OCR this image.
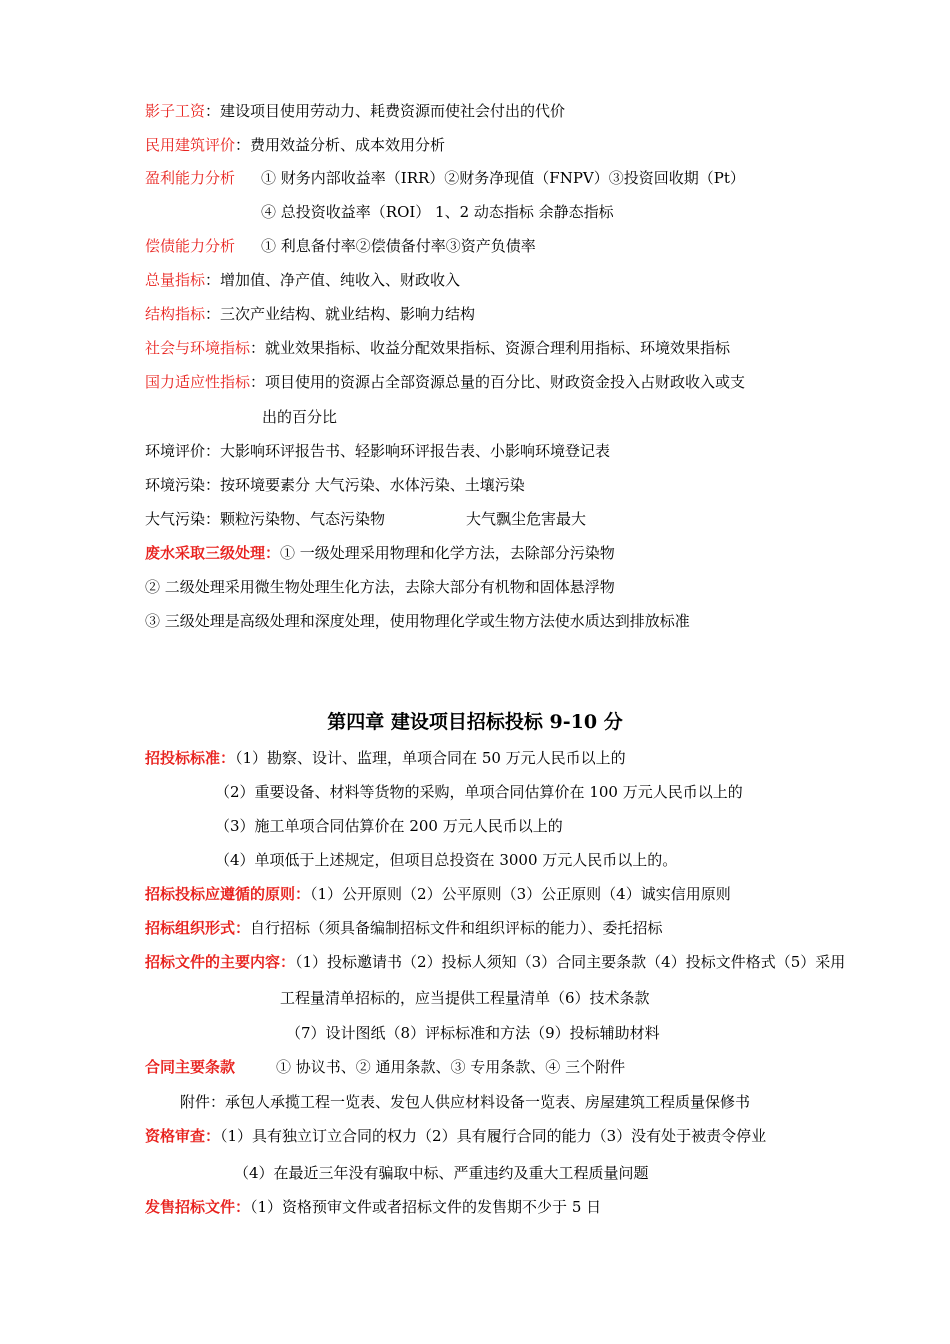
影子工资：建设项目使用劳动力、耗费资源而使社会付出的代价
民用建筑评价：费用效益分析、成本效用分析
盈利能力分析 ① 财务内部收益率（IRR）②财务净现值（FNPV）③投资回收期（Pt）
④ 总投资收益率（ROI） 1、2 动态指标 余静态指标
偿债能力分析 ① 利息备付率②偿债备付率③资产负债率
总量指标：增加值、净产值、纯收入、财政收入
结构指标：三次产业结构、就业结构、影响力结构
社会与环境指标：就业效果指标、收益分配效果指标、资源合理利用指标、环境效果指标
国力适应性指标：项目使用的资源占全部资源总量的百分比、财政资金投入占财政收入或支
出的百分比
环境评价：大影响环评报告书、轻影响环评报告表、小影响环境登记表
环境污染：按环境要素分 大气污染、水体污染、土壤污染
大气污染：颗粒污染物、气态污染物	大气飘尘危害最大
废水采取三级处理：① 一级处理采用物理和化学方法，去除部分污染物
② 二级处理采用微生物处理生化方法，去除大部分有机物和固体悬浮物
③ 三级处理是高级处理和深度处理，使用物理化学或生物方法使水质达到排放标准
第四章 建设项目招标投标 9-10 分
招投标标准：（1）勘察、设计、监理，单项合同在 50 万元人民币以上的
（2）重要设备、材料等货物的采购，单项合同估算价在 100 万元人民币以上的
（3）施工单项合同估算价在 200 万元人民币以上的
（4）单项低于上述规定，但项目总投资在 3000 万元人民币以上的。
招标投标应遵循的原则：（1）公开原则（2）公平原则（3）公正原则（4）诚实信用原则
招标组织形式：自行招标（须具备编制招标文件和组织评标的能力）、委托招标
招标文件的主要内容：（1）投标邀请书（2）投标人须知（3）合同主要条款（4）投标文件格式（5）采用
工程量清单招标的，应当提供工程量清单（6）技术条款
（7）设计图纸（8）评标标准和方法（9）投标辅助材料
合同主要条款	① 协议书、② 通用条款、③ 专用条款、④ 三个附件
附件：承包人承揽工程一览表、发包人供应材料设备一览表、房屋建筑工程质量保修书
资格审查：（1）具有独立订立合同的权力（2）具有履行合同的能力（3）没有处于被责令停业
（4）在最近三年没有骗取中标、严重违约及重大工程质量问题
发售招标文件：（1）资格预审文件或者招标文件的发售期不少于 5 日
